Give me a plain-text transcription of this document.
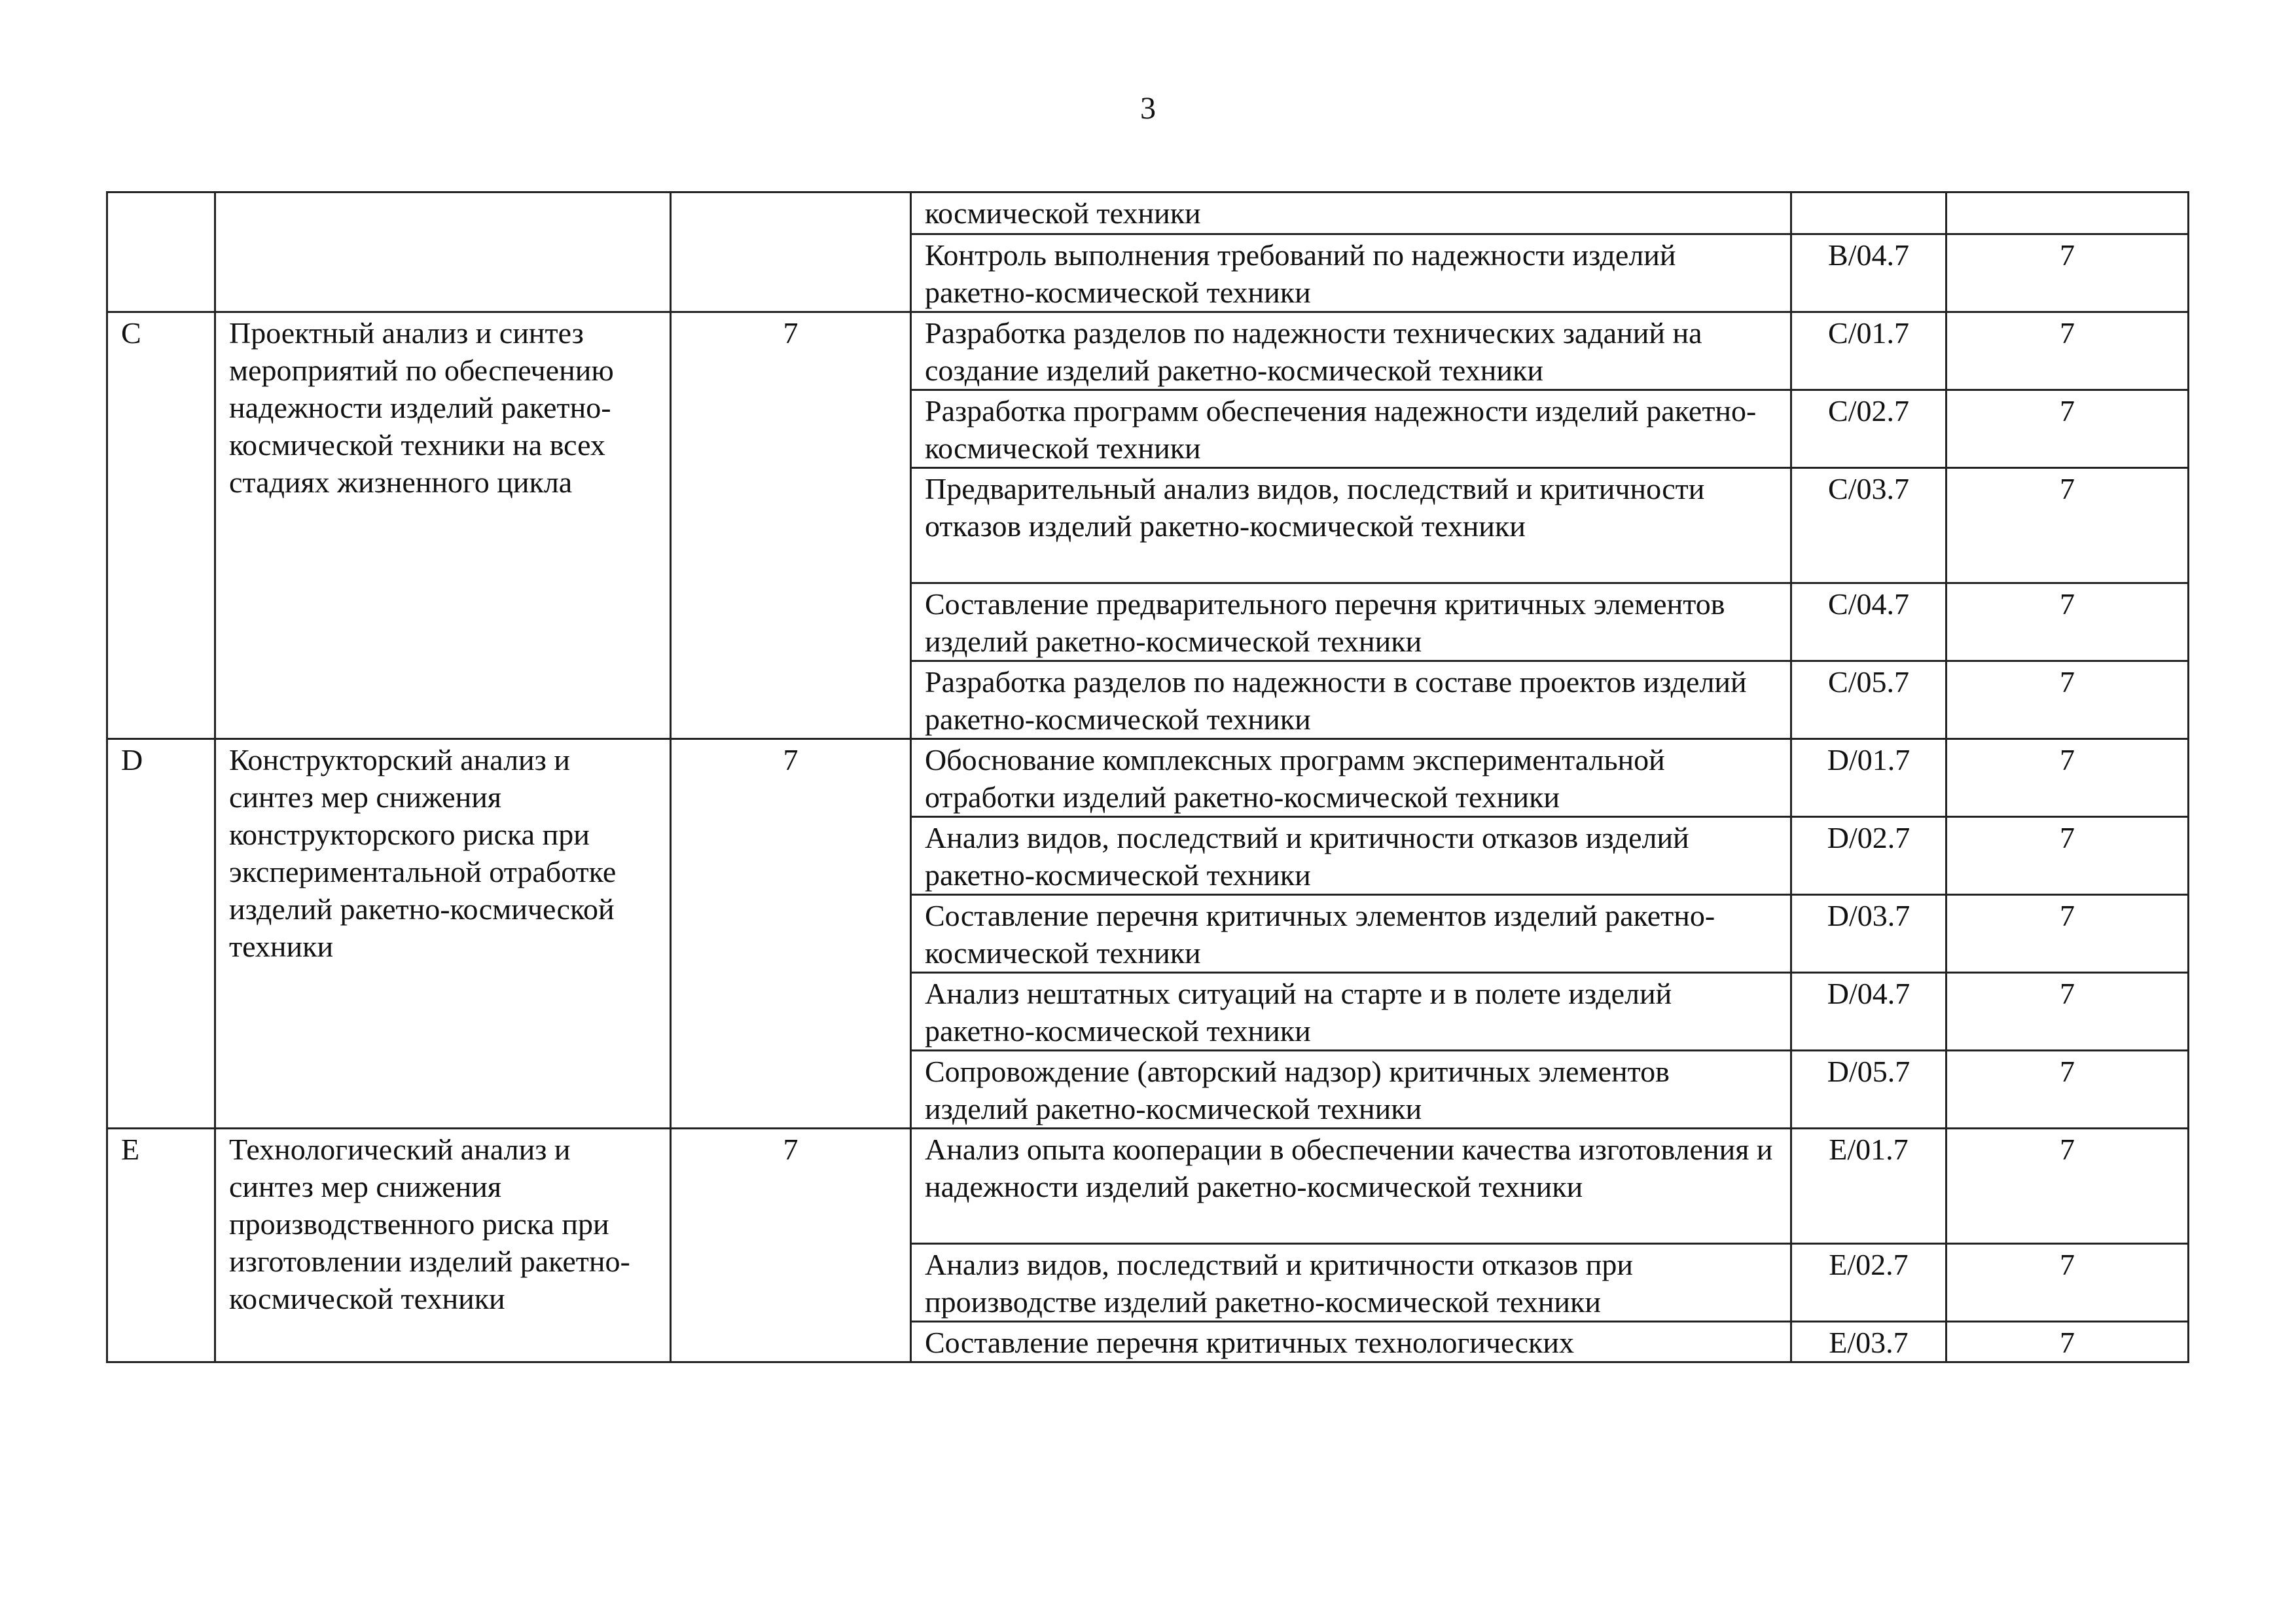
3
			космической техники		
			Контроль выполнения требований по надежности изделий ракетно-космической техники	B/04.7	7
C	Проектный анализ и синтез мероприятий по обеспечению надежности изделий ракетно-космической техники на всех стадиях жизненного цикла	7	Разработка разделов по надежности технических заданий на создание изделий ракетно-космической техники	C/01.7	7
			Разработка программ обеспечения надежности изделий ракетно-космической техники	C/02.7	7
			Предварительный анализ видов, последствий и критичности отказов изделий ракетно-космической техники	C/03.7	7
			Составление предварительного перечня критичных элементов изделий ракетно-космической техники	C/04.7	7
			Разработка разделов по надежности в составе проектов изделий ракетно-космической техники	C/05.7	7
D	Конструкторский анализ и синтез мер снижения конструкторского риска при экспериментальной отработке изделий ракетно-космической техники	7	Обоснование комплексных программ экспериментальной отработки изделий ракетно-космической техники	D/01.7	7
			Анализ видов, последствий и критичности отказов изделий ракетно-космической техники	D/02.7	7
			Составление перечня критичных элементов изделий ракетно-космической техники	D/03.7	7
			Анализ нештатных ситуаций на старте и в полете изделий ракетно-космической техники	D/04.7	7
			Сопровождение (авторский надзор) критичных элементов изделий ракетно-космической техники	D/05.7	7
E	Технологический анализ и синтез мер снижения производственного риска при изготовлении изделий ракетно-космической техники	7	Анализ опыта кооперации в обеспечении качества изготовления и надежности изделий ракетно-космической техники	E/01.7	7
			Анализ видов, последствий и критичности отказов при производстве изделий ракетно-космической техники	E/02.7	7
			Составление перечня критичных технологических	E/03.7	7
